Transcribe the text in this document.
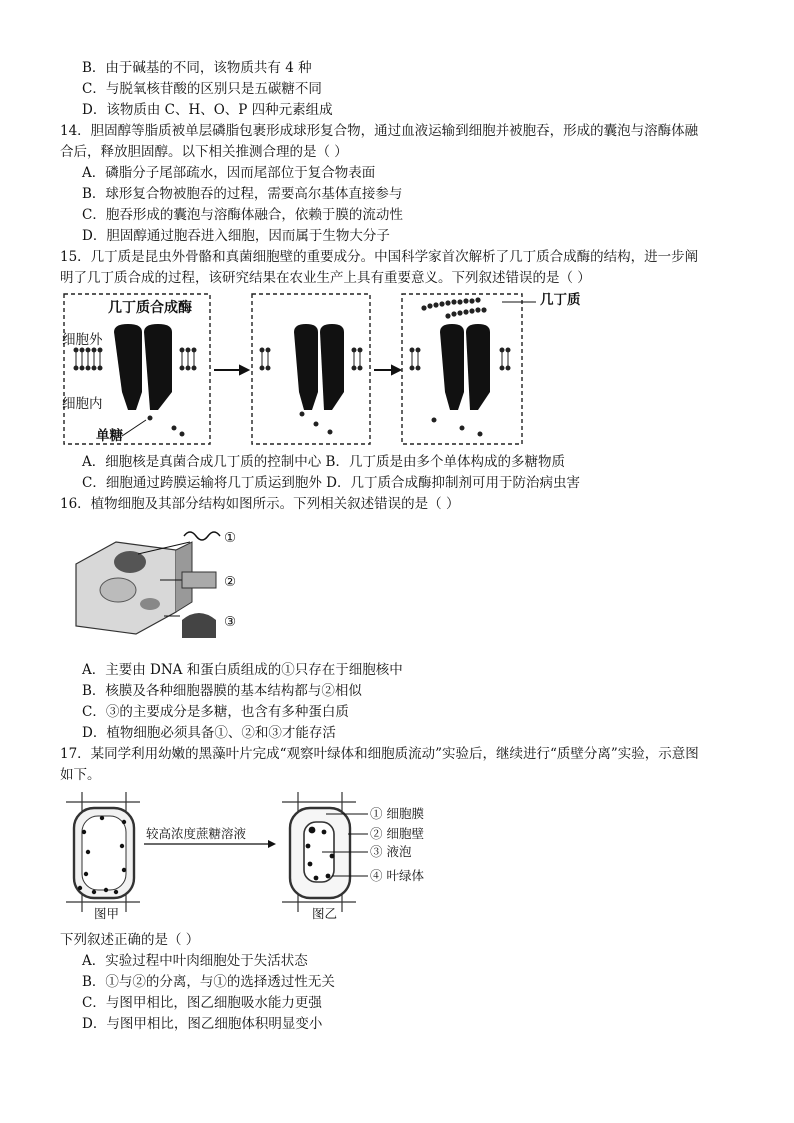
B．由于碱基的不同，该物质共有 4 种
C．与脱氧核苷酸的区别只是五碳糖不同
D．该物质由 C、H、O、P 四种元素组成
14．胆固醇等脂质被单层磷脂包裹形成球形复合物，通过血液运输到细胞并被胞吞，形成的囊泡与溶酶体融
合后，释放胆固醇。以下相关推测合理的是（ ）
A．磷脂分子尾部疏水，因而尾部位于复合物表面
B．球形复合物被胞吞的过程，需要高尔基体直接参与
C．胞吞形成的囊泡与溶酶体融合，依赖于膜的流动性
D．胆固醇通过胞吞进入细胞，因而属于生物大分子
15．几丁质是昆虫外骨骼和真菌细胞壁的重要成分。中国科学家首次解析了几丁质合成酶的结构，进一步阐
明了几丁质合成的过程，该研究结果在农业生产上具有重要意义。下列叙述错误的是（ ）
几丁质合成酶
细胞外
细胞内
单糖
几丁质
A．细胞核是真菌合成几丁质的控制中心 B．几丁质是由多个单体构成的多糖物质
C．细胞通过跨膜运输将几丁质运到胞外 D．几丁质合成酶抑制剂可用于防治病虫害
16．植物细胞及其部分结构如图所示。下列相关叙述错误的是（ ）
①
②
③
A．主要由 DNA 和蛋白质组成的①只存在于细胞核中
B．核膜及各种细胞器膜的基本结构都与②相似
C．③的主要成分是多糖，也含有多种蛋白质
D．植物细胞必须具备①、②和③才能存活
17．某同学利用幼嫩的黑藻叶片完成“观察叶绿体和细胞质流动”实验后，继续进行“质壁分离”实验，示意图
如下。
较高浓度蔗糖溶液
图甲	图乙
① 细胞膜
② 细胞壁
③ 液泡
④ 叶绿体
下列叙述正确的是（ ）
A．实验过程中叶肉细胞处于失活状态
B．①与②的分离，与①的选择透过性无关
C．与图甲相比，图乙细胞吸水能力更强
D．与图甲相比，图乙细胞体积明显变小
